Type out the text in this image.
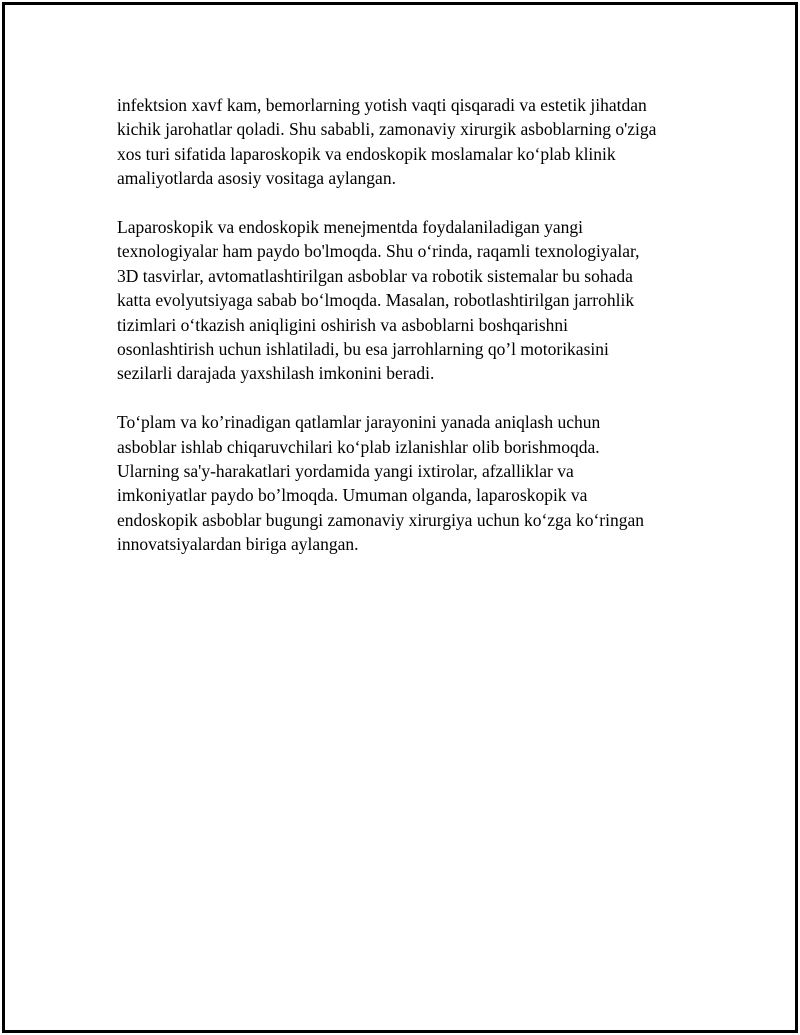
infektsion xavf kam, bemorlarning yotish vaqti qisqaradi va estetik jihatdan
kichik jarohatlar qoladi. Shu sababli, zamonaviy xirurgik asboblarning o'ziga
xos turi sifatida laparoskopik va endoskopik moslamalar ko‘plab klinik
amaliyotlarda asosiy vositaga aylangan.

Laparoskopik va endoskopik menejmentda foydalaniladigan yangi
texnologiyalar ham paydo bo'lmoqda. Shu o‘rinda, raqamli texnologiyalar,
3D tasvirlar, avtomatlashtirilgan asboblar va robotik sistemalar bu sohada
katta evolyutsiyaga sabab bo‘lmoqda. Masalan, robotlashtirilgan jarrohlik
tizimlari o‘tkazish aniqligini oshirish va asboblarni boshqarishni
osonlashtirish uchun ishlatiladi, bu esa jarrohlarning qo’l motorikasini
sezilarli darajada yaxshilash imkonini beradi.

To‘plam va ko’rinadigan qatlamlar jarayonini yanada aniqlash uchun
asboblar ishlab chiqaruvchilari ko‘plab izlanishlar olib borishmoqda.
Ularning sa'y-harakatlari yordamida yangi ixtirolar, afzalliklar va
imkoniyatlar paydo bo’lmoqda. Umuman olganda, laparoskopik va
endoskopik asboblar bugungi zamonaviy xirurgiya uchun ko‘zga ko‘ringan
innovatsiyalardan biriga aylangan.
